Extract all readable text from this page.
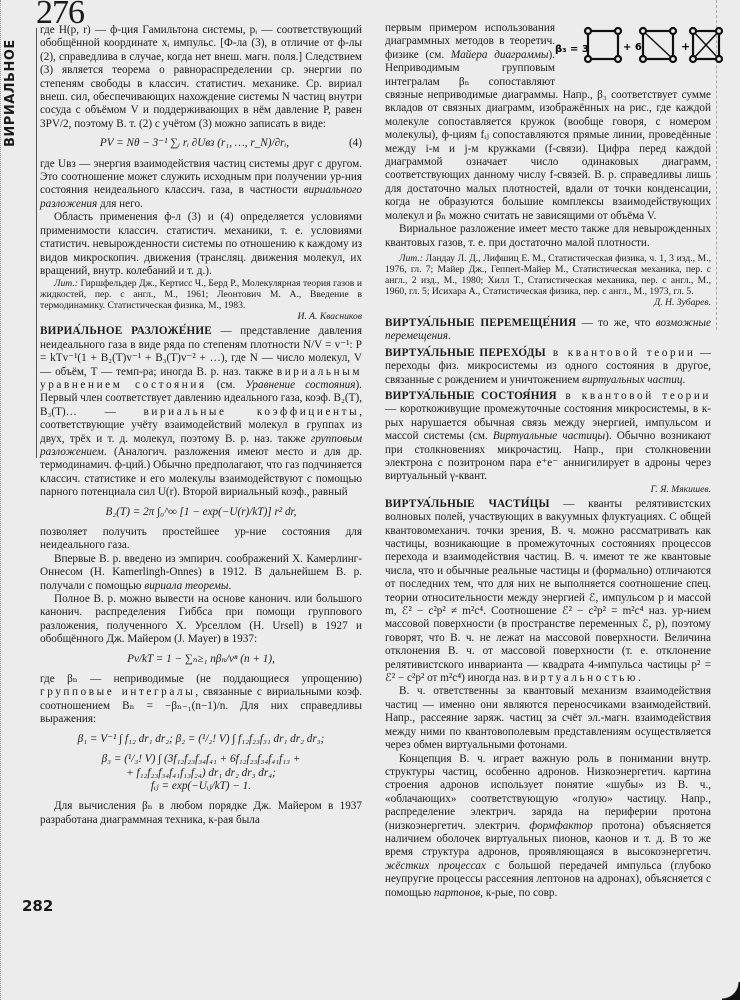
276
ВИРИАЛЬНОЕ

где H(p, r) — ф-ция Гамильтона системы, pᵢ — соответствующий обобщённой координате xᵢ импульс. [Ф-ла (3), в отличие от ф-лы (2), справедлива в случае, когда нет внеш. магн. поля.] Следствием (3) является теорема о равнораспределении ср. энергии по степеням свободы в классич. статистич. механике. Ср. вириал внеш. сил, обеспечивающих нахождение системы N частиц внутри сосуда с объёмом V и поддерживающих в нём давление P, равен 3PV/2, поэтому В. т. (2) с учётом (3) можно записать в виде:

PV = Nθ − 3⁻¹ ∑ᵢ rᵢ ∂Uвз (r₁, …, r_N)/∂rᵢ,	(4)

где Uвз — энергия взаимодействия частиц системы друг с другом. Это соотношение может служить исходным при получении ур-ния состояния неидеального классич. газа, в частности вириального разложения для него.

Область применения ф-л (3) и (4) определяется условиями применимости классич. статистич. механики, т. е. условиями статистич. невырожденности системы по отношению к каждому из видов микроскопич. движения (трансляц. движения молекул, их вращений, внутр. колебаний и т. д.).

Лит.: Гиршфельдер Дж., Кертисс Ч., Берд Р., Молекулярная теория газов и жидкостей, пер. с англ., М., 1961; Леонтович М. А., Введение в термодинамику. Статистическая физика, М., 1983.

И. А. Квасников

ВИРИА́ЛЬНОЕ РАЗЛОЖЕ́НИЕ — представление давления неидеального газа в виде ряда по степеням плотности N/V = v⁻¹: P = kTv⁻¹(1 + B₂(T)v⁻¹ + B₃(T)v⁻² + …), где N — число молекул, V — объём, T — темп-ра; иногда В. р. наз. также вириальным уравнением состояния (см. Уравнение состояния). Первый член соответствует давлению идеального газа, коэф. B₂(T), B₃(T)… — вириальные коэффициенты, соответствующие учёту взаимодействий молекул в группах из двух, трёх и т. д. молекул, поэтому В. р. наз. также групповым разложением. (Аналогич. разложения имеют место и для др. термодинамич. ф-ций.) Обычно предполагают, что газ подчиняется классич. статистике и его молекулы взаимодействуют с помощью парного потенциала сил U(r). Второй вириальный коэф., равный

B₂(T) = 2π ∫₀^∞ [1 − exp(−U(r)/kT)] r² dr,

позволяет получить простейшее ур-ние состояния для неидеального газа.

Впервые В. р. введено из эмпирич. соображений Х. Камерлинг-Оннесом (H. Kamerlingh-Onnes) в 1912. В дальнейшем В. р. получали с помощью вириала теоремы.

Полное В. р. можно вывести на основе канонич. или большого канонич. распределения Гиббса при помощи группового разложения, полученного Х. Урселлом (H. Ursell) в 1927 и обобщённого Дж. Майером (J. Mayer) в 1937:

Pv/kT = 1 − ∑ₙ≥₁ nβₙ/vⁿ (n + 1),

где βₙ — неприводимые (не поддающиеся упрощению) групповые интегралы, связанные с вириальными коэф. соотношением Bₙ = −βₙ₋₁(n−1)/n. Для них справедливы выражения:

β₁ = V⁻¹ ∫ f₁₂ dr₁ dr₂; β₂ = (¹/₂! V) ∫ f₁₂f₂₃f₃₁ dr₁ dr₂ dr₃;
β₃ = (¹/₃! V) ∫ (3f₁₂f₂₃f₃₄f₄₁ + 6f₁₂f₂₃f₃₄f₄₁f₁₃ +
+ f₁₂f₂₃f₃₄f₄₁f₁₃f₂₄) dr₁ dr₂ dr₃ dr₄;
fᵢⱼ = exp(−Uᵢⱼ/kT) − 1.

Для вычисления βₙ в любом порядке Дж. Майером в 1937 разработана диаграммная техника, к-рая была

282
β₃ = 3	+ 6	+

первым примером использования диаграммных методов в теоретич. физике (см. Майера диаграммы). Неприводимым групповым интегралам βₙ сопоставляют связные неприводимые диаграммы. Напр., β₃ соответствует сумме вкладов от связных диаграмм, изображённых на рис., где каждой молекуле сопоставляется кружок (вообще говоря, с номером молекулы), ф-циям fᵢⱼ сопоставляются прямые линии, проведённые между i-м и j-м кружками (f-связи). Цифра перед каждой диаграммой означает число одинаковых диаграмм, соответствующих данному числу f-связей. В. р. справедливы лишь для достаточно малых плотностей, вдали от точки конденсации, когда не образуются большие комплексы взаимодействующих молекул и βₙ можно считать не зависящими от объёма V.

Вириальное разложение имеет место также для невырожденных квантовых газов, т. е. при достаточно малой плотности.

Лит.: Ландау Л. Д., Лифшиц Е. М., Статистическая физика, ч. 1, 3 изд., М., 1976, гл. 7; Майер Дж., Геппert-Майер М., Статистическая механика, пер. с англ., 2 изд., М., 1980; Хилл Т., Статистическая механика, пер. с англ., М., 1960, гл. 5; Исихара А., Статистическая физика, пер. с англ., М., 1973, гл. 5.

Д. Н. Зубарев.

ВИРТУА́ЛЬНЫЕ ПЕРЕМЕЩЕ́НИЯ — то же, что возможные перемещения.

ВИРТУА́ЛЬНЫЕ ПЕРЕХО́ДЫ в квантовой теории — переходы физ. микросистемы из одного состояния в другое, связанные с рождением и уничтожением виртуальных частиц.

ВИРТУА́ЛЬНЫЕ СОСТОЯ́НИЯ в квантовой теории — короткоживущие промежуточные состояния микросистемы, в к-рых нарушается обычная связь между энергией, импульсом и массой системы (см. Виртуальные частицы). Обычно возникают при столкновениях микрочастиц. Напр., при столкновении электрона с позитроном пара e⁺e⁻ аннигилирует в адроны через виртуальный γ-квант.

Г. Я. Мякишев.

ВИРТУА́ЛЬНЫЕ ЧАСТИ́ЦЫ — кванты релятивистских волновых полей, участвующих в вакуумных флуктуациях. С общей квантовомеханич. точки зрения, В. ч. можно рассматривать как частицы, возникающие в промежуточных состояниях процессов перехода и взаимодействия частиц. В. ч. имеют те же квантовые числа, что и обычные реальные частицы и (формально) отличаются от последних тем, что для них не выполняется соотношение спец. теории относительности между энергией ℰ, импульсом p и массой m, ℰ² − c²p² ≠ m²c⁴. Соотношение ℰ² − c²p² = m²c⁴ наз. ур-нием массовой поверхности (в пространстве переменных ℰ, p), поэтому говорят, что В. ч. не лежат на массовой поверхности. Величина отклонения В. ч. от массовой поверхности (т. е. отклонение релятивистского инварианта — квадрата 4-импульса частицы p² = ℰ² − c²p² от m²c⁴) иногда наз. виртуальностью.

В. ч. ответственны за квантовый механизм взаимодействия частиц — именно они являются переносчиками взаимодействий. Напр., рассеяние заряж. частиц за счёт эл.-магн. взаимодействия между ними по квантовополевым представлениям осуществляется через обмен виртуальными фотонами.

Концепция В. ч. играет важную роль в понимании внутр. структуры частиц, особенно адронов. Низкоэнергетич. картина строения адронов использует понятие «шубы» из В. ч., «облачающих» соответствующую «голую» частицу. Напр., распределение электрич. заряда на периферии протона (низкоэнергетич. электрич. формфактор протона) объясняется наличием оболочек виртуальных пионов, каонов и т. д. В то же время структура адронов, проявляющаяся в высокоэнергетич. жёстких процессах с большой передачей импульса (глубоко неупругие процессы рассеяния лептонов на адронах), объясняется с помощью партонов, к-рые, по совр.
